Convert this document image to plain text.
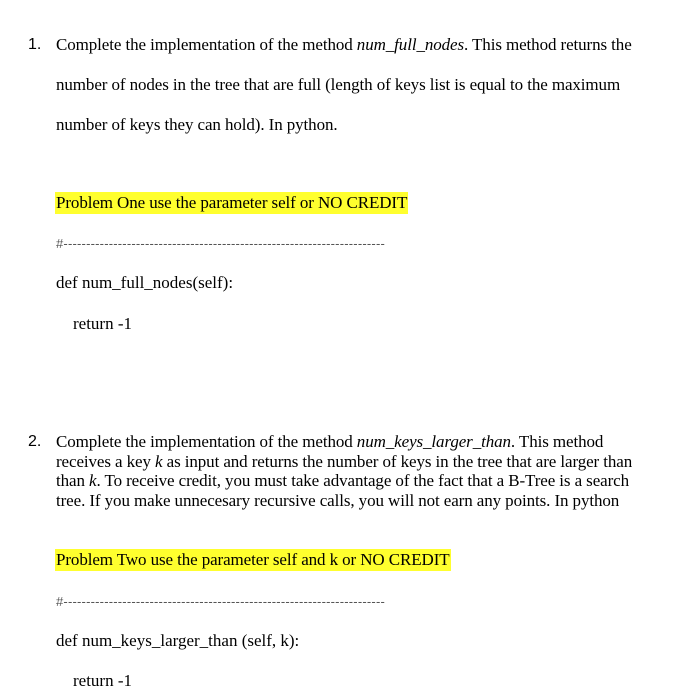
1. Complete the implementation of the method num_full_nodes. This method returns the
number of nodes in the tree that are full (length of keys list is equal to the maximum
number of keys they can hold). In python.
Problem One use the parameter self or NO CREDIT
#-----------------------------------------------------------------------
def num_full_nodes(self):
return -1
2. Complete the implementation of the method num_keys_larger_than. This method
receives a key k as input and returns the number of keys in the tree that are larger than
than k. To receive credit, you must take advantage of the fact that a B-Tree is a search
tree. If you make unnecesary recursive calls, you will not earn any points. In python
Problem Two use the parameter self and k or NO CREDIT
#-----------------------------------------------------------------------
def num_keys_larger_than (self, k):
return -1
